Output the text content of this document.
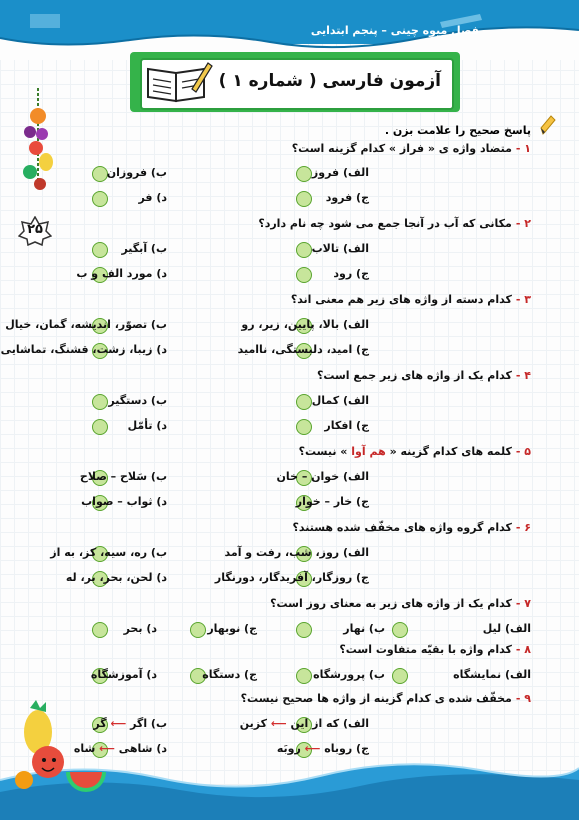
فصل میوه چینی – پنجم ابتدایی
آزمون فارسی ( شماره ۱ )
۲۵
پاسخ صحیح را علامت بزن .
۱ -متضاد واژه ی « فراز » کدام گزینه است؟
الف) فروز
ب) فروزان
ج) فرود
د) فر
۲ -مکانی که آب در آنجا جمع می شود چه نام دارد؟
الف) تالاب
ب) آبگیر
ج) رود
د) مورد الف و ب
۳ -کدام دسته از واژه های زیر هم معنی اند؟
الف) بالا، پایین، زیر، رو
ب) تصوّر، اندیشه، گمان، خیال
ج) امید، دلبستگی، ناامید
د) زیبا، زشت، قشنگ، تماشایی
۴ -کدام یک از واژه های زیر جمع است؟
الف) کمال
ب) دستگیر
ج) افکار
د) تأمّل
۵ -کلمه های کدام گزینه « هم آوا » نیست؟
الف) خوان – خان
ب) سَلاح – صلاح
ج) خار – خوار
د) ثواب – صواب
۶ -کدام گروه واژه های مخفّف شده هستند؟
الف) روز، شب، رفت و آمد
ب) ره، سیه، کز، به از
ج) روزگار، آفریدگار، دورنگار
د) لحن، بحر، بر، له
۷ -کدام یک از واژه های زیر به معنای روز است؟
الف) لیل
ب) نهار
ج) نوبهار
د) بحر
۸ -کدام واژه با بقیّه متفاوت است؟
الف) نمایشگاه
ب) پرورشگاه
ج) دستگاه
د) آموزشگاه
۹ -مخفّف شده ی کدام گزینه از واژه ها صحیح نیست؟
الف) که از این ⟵ کزین
ب) اگر ⟵ گر
ج) روباه ⟵ روبَه
د) شاهی ⟵ شاه
